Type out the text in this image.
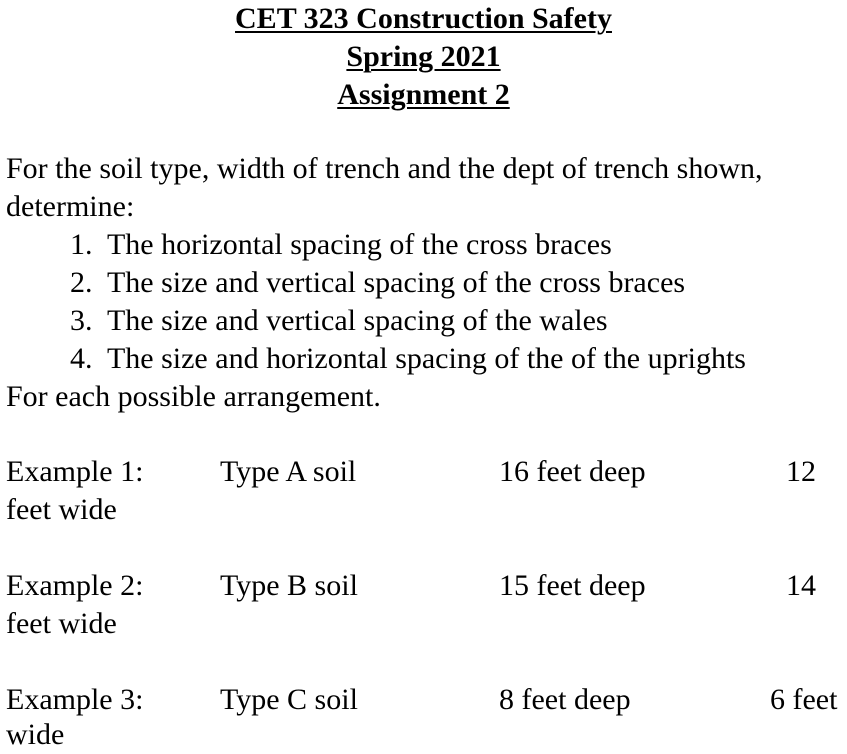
CET 323 Construction Safety
Spring 2021
Assignment 2
For the soil type, width of trench and the dept of trench shown,
determine:
1.  The horizontal spacing of the cross braces
2.  The size and vertical spacing of the cross braces
3.  The size and vertical spacing of the wales
4.  The size and horizontal spacing of the of the uprights
For each possible arrangement.
Example 1:	Type A soil	16 feet deep	12
feet wide
Example 2:	Type B soil	15 feet deep	14
feet wide
Example 3:	Type C soil	8 feet deep	6 feet
wide
